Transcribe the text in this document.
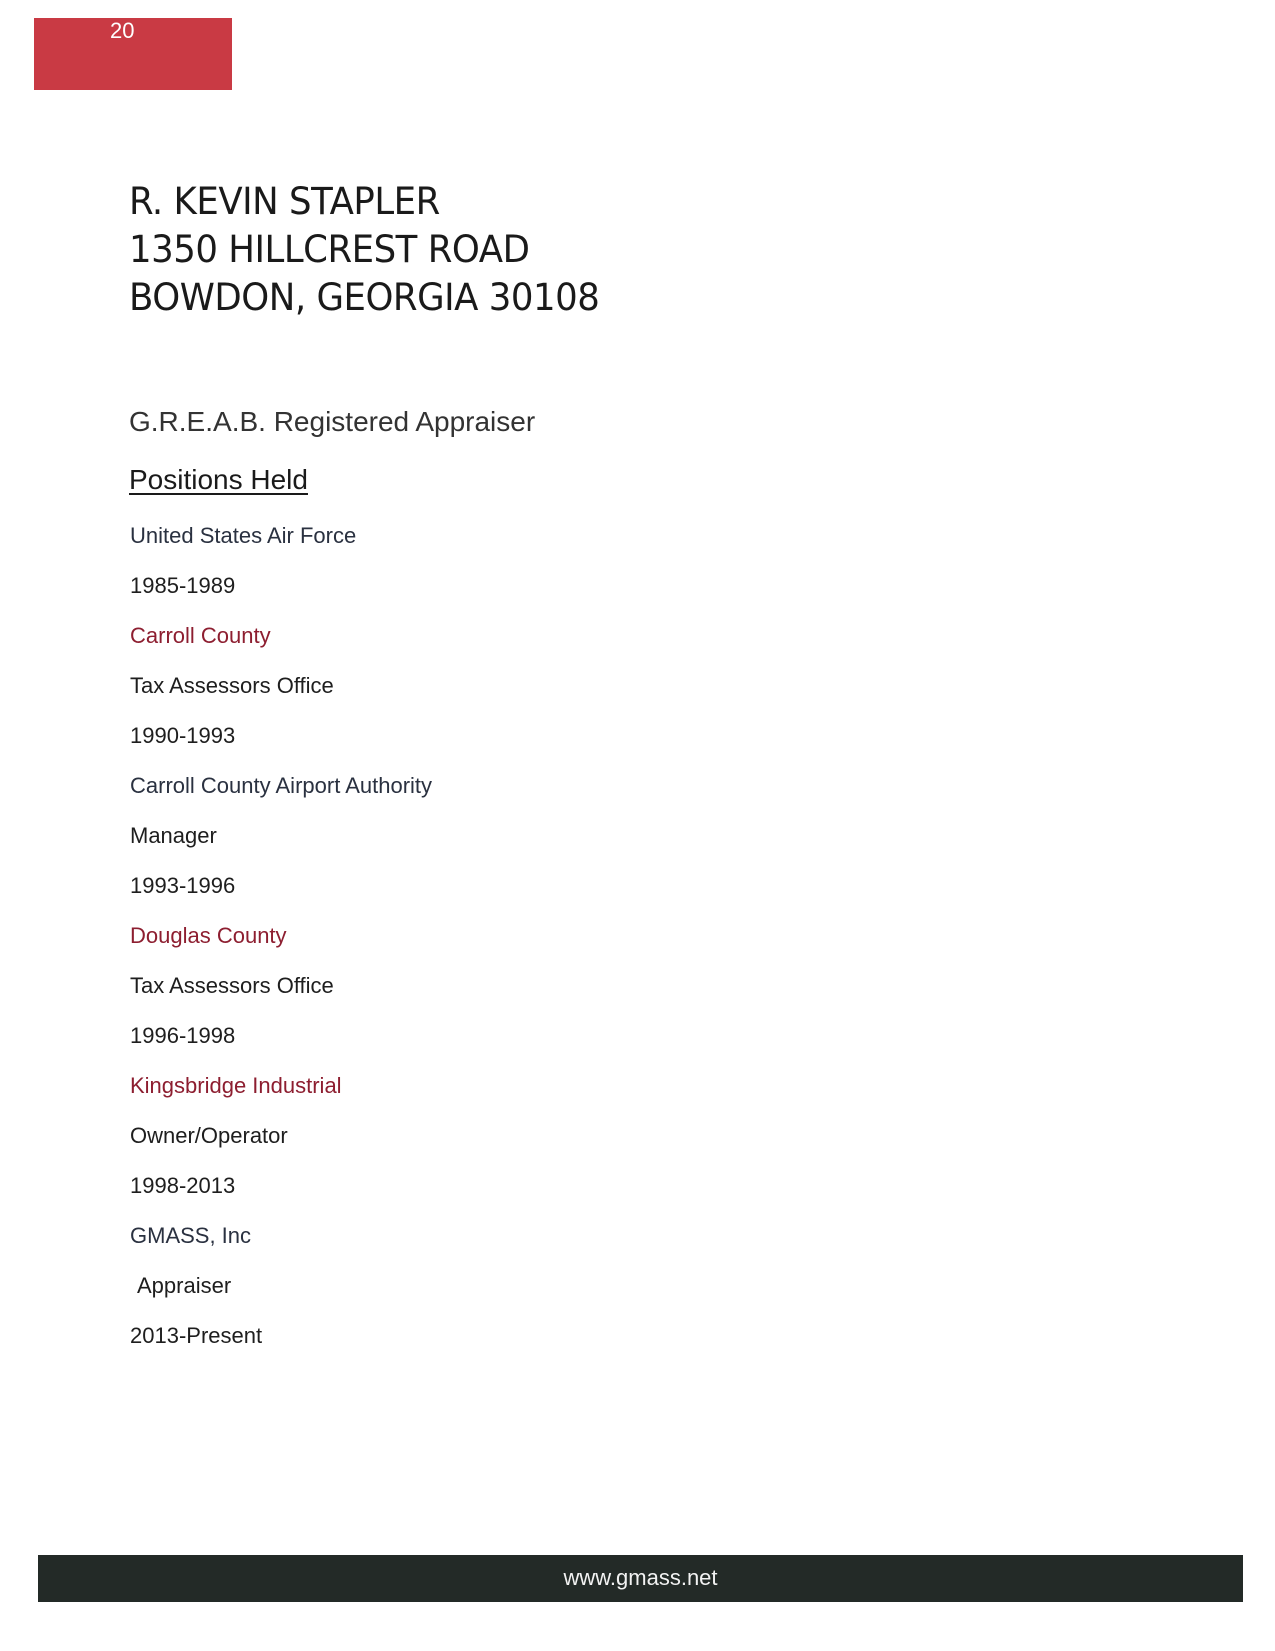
20
R. KEVIN STAPLER
1350 HILLCREST ROAD
BOWDON, GEORGIA 30108
G.R.E.A.B. Registered Appraiser
Positions Held
United States Air Force
1985-1989
Carroll County
Tax Assessors Office
1990-1993
Carroll County Airport Authority
Manager
1993-1996
Douglas County
Tax Assessors Office
1996-1998
Kingsbridge Industrial
Owner/Operator
1998-2013
GMASS, Inc
Appraiser
2013-Present
www.gmass.net
